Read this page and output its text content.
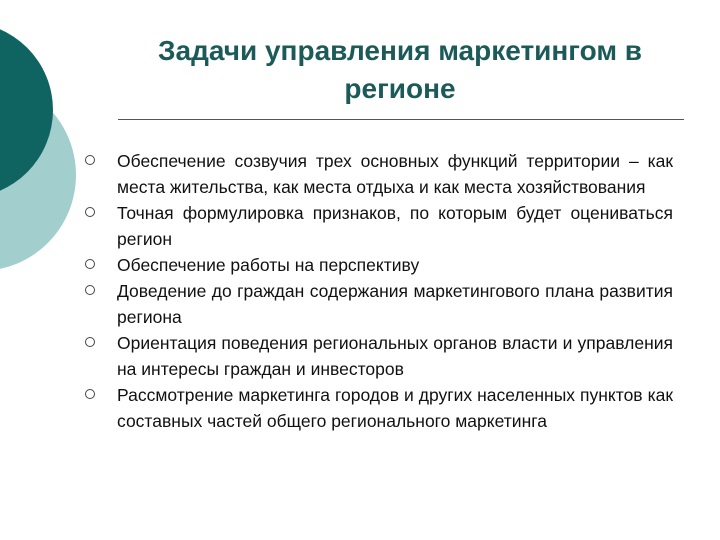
Задачи управления маркетингом в регионе
Обеспечение созвучия трех основных функций территории – как места жительства, как места отдыха и как места хозяйствования
Точная формулировка признаков, по которым будет оцениваться регион
Обеспечение работы на перспективу
Доведение до граждан содержания маркетингового плана развития региона
Ориентация поведения региональных органов власти и управления на интересы граждан и инвесторов
Рассмотрение маркетинга городов и других населенных пунктов как составных частей общего регионального маркетинга
